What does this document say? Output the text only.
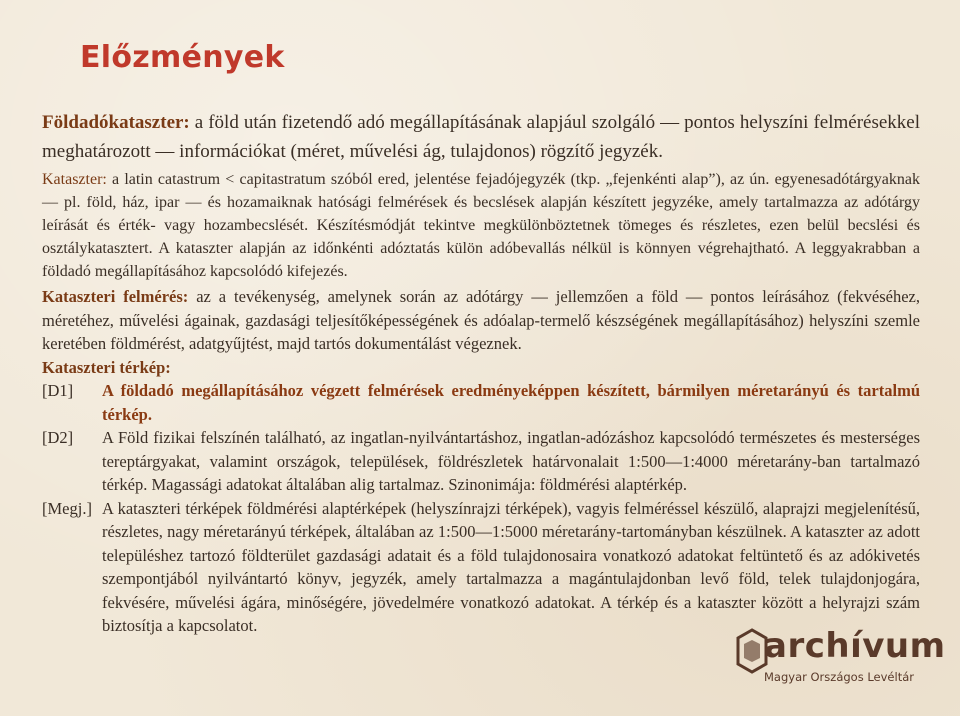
Előzmények

Földadókataszter: a föld után fizetendő adó megállapításának alapjául szolgáló ― pontos helyszíni felmérésekkel meghatározott ― információkat (méret, művelési ág, tulajdonos) rögzítő jegyzék.

Kataszter: a latin catastrum < capitastratum szóból ered, jelentése fejadójegyzék (tkp. „fejenkénti alap”), az ún. egyenesadótárgyaknak ― pl. föld, ház, ipar ― és hozamaiknak hatósági felmérések és becslések alapján készített jegyzéke, amely tartalmazza az adótárgy leírását és érték- vagy hozambecslését. Készítésmódját tekintve megkülönböztetnek tömeges és részletes, ezen belül becslési és osztálykatasztert. A kataszter alapján az időnkénti adóztatás külön adóbevallás nélkül is könnyen végrehajtható. A leggyakrabban a földadó megállapításához kapcsolódó kifejezés.

Kataszteri felmérés: az a tevékenység, amelynek során az adótárgy ― jellemzően a föld ― pontos leírásához (fekvéséhez, méretéhez, művelési ágainak, gazdasági teljesítőképességének és adóalap-termelő készségének megállapításához) helyszíni szemle keretében földmérést, adatgyűjtést, majd tartós dokumentálást végeznek.

Kataszteri térkép:

[D1]	A földadó megállapításához végzett felmérések eredményeképpen készített, bármilyen méretarányú és tartalmú térkép.
[D2]	A Föld fizikai felszínén található, az ingatlan-nyilvántartáshoz, ingatlan-adózáshoz kapcsolódó természetes és mesterséges tereptárgyakat, valamint országok, települések, földrészletek határvonalait 1:500―1:4000 méretarány-ban tartalmazó térkép. Magassági adatokat általában alig tartalmaz. Szinonimája: földmérési alaptérkép.
[Megj.] A kataszteri térképek földmérési alaptérképek (helyszínrajzi térképek), vagyis felméréssel készülő, alaprajzi megjelenítésű, részletes, nagy méretarányú térképek, általában az 1:500―1:5000 méretarány-tartományban készülnek. A kataszter az adott településhez tartozó földterület gazdasági adatait és a föld tulajdonosaira vonatkozó adatokat feltüntető és az adókivetés szempontjából nyilvántartó könyv, jegyzék, amely tartalmazza a magántulajdonban levő föld, telek tulajdonjogára, fekvésére, művelési ágára, minőségére, jövedelmére vonatkozó adatokat. A térkép és a kataszter között a helyrajzi szám biztosítja a kapcsolatot.
archívum
Magyar Országos Levéltár
